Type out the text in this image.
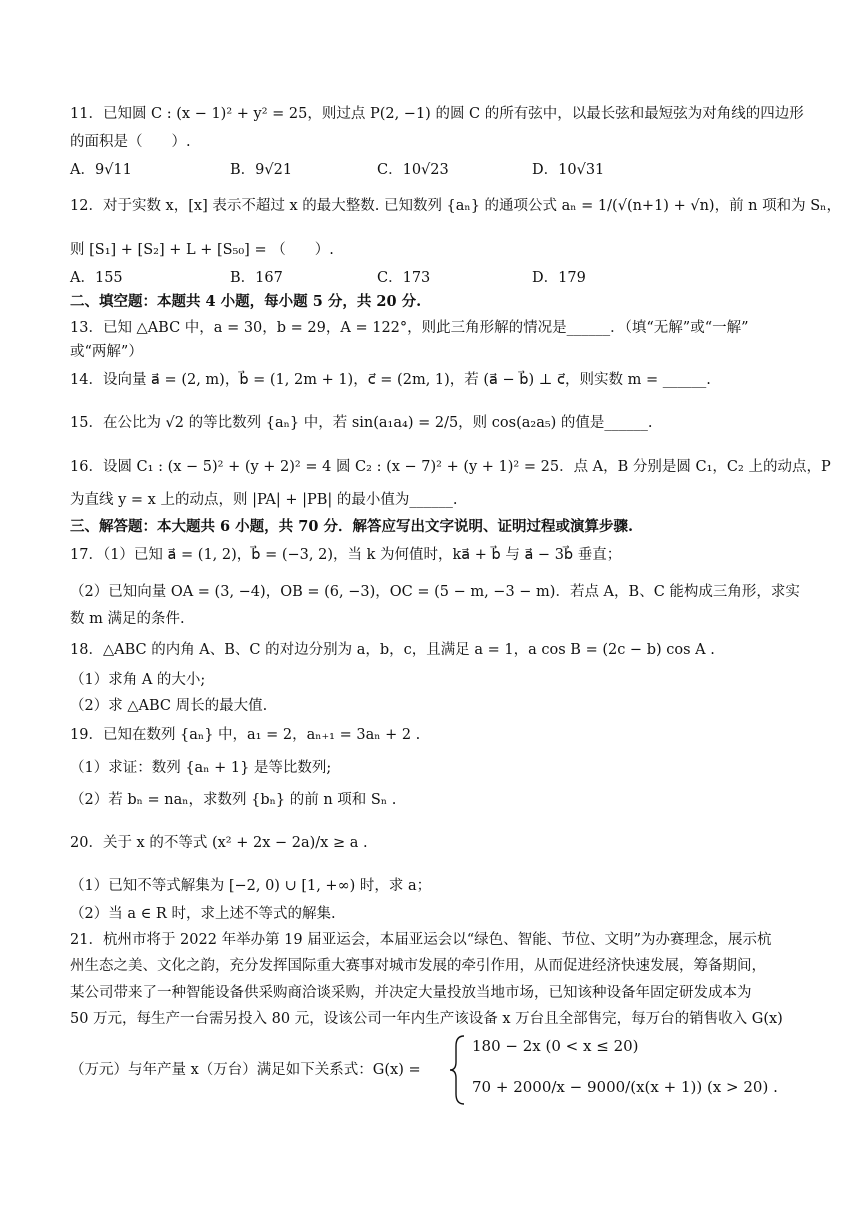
11．已知圆 C : (x − 1)² + y² = 25，则过点 P(2, −1) 的圆 C 的所有弦中，以最长弦和最短弦为对角线的四边形
的面积是（　　）.
A．9√11	B．9√21	C．10√23	D．10√31
12．对于实数 x，[x] 表示不超过 x 的最大整数. 已知数列 {aₙ} 的通项公式 aₙ = 1/(√(n+1) + √n)，前 n 项和为 Sₙ，
则 [S₁] + [S₂] + L + [S₅₀] = （　　）.
A．155	B．167	C．173	D．179
二、填空题：本题共 4 小题，每小题 5 分，共 20 分.
13．已知 △ABC 中，a = 30，b = 29，A = 122°，则此三角形解的情况是______．（填“无解”或“一解”
或“两解”）
14．设向量 a⃗ = (2, m)，b⃗ = (1, 2m + 1)，c⃗ = (2m, 1)，若 (a⃗ − b⃗) ⊥ c⃗，则实数 m = ______.
15．在公比为 √2 的等比数列 {aₙ} 中，若 sin(a₁a₄) = 2/5，则 cos(a₂a₅) 的值是______.
16．设圆 C₁ : (x − 5)² + (y + 2)² = 4 圆 C₂ : (x − 7)² + (y + 1)² = 25．点 A，B 分别是圆 C₁，C₂ 上的动点，P
为直线 y = x 上的动点，则 |PA| + |PB| 的最小值为______.
三、解答题：本大题共 6 小题，共 70 分．解答应写出文字说明、证明过程或演算步骤.
17．（1）已知 a⃗ = (1, 2)，b⃗ = (−3, 2)，当 k 为何值时，ka⃗ + b⃗ 与 a⃗ − 3b⃗ 垂直；
（2）已知向量 OA = (3, −4)，OB = (6, −3)，OC = (5 − m, −3 − m)．若点 A，B、C 能构成三角形，求实
数 m 满足的条件.
18．△ABC 的内角 A、B、C 的对边分别为 a，b，c，且满足 a = 1，a cos B = (2c − b) cos A .
（1）求角 A 的大小;
（2）求 △ABC 周长的最大值.
19．已知在数列 {aₙ} 中，a₁ = 2，aₙ₊₁ = 3aₙ + 2 .
（1）求证：数列 {aₙ + 1} 是等比数列;
（2）若 bₙ = naₙ，求数列 {bₙ} 的前 n 项和 Sₙ .
20．关于 x 的不等式 (x² + 2x − 2a)/x ≥ a .
（1）已知不等式解集为 [−2, 0) ∪ [1, +∞) 时，求 a；
（2）当 a ∈ R 时，求上述不等式的解集.
21．杭州市将于 2022 年举办第 19 届亚运会，本届亚运会以“绿色、智能、节位、文明”为办赛理念，展示杭
州生态之美、文化之韵，充分发挥国际重大赛事对城市发展的牵引作用，从而促进经济快速发展，筹备期间，
某公司带来了一种智能设备供采购商洽谈采购，并决定大量投放当地市场，已知该种设备年固定研发成本为
50 万元，每生产一台需另投入 80 元，设该公司一年内生产该设备 x 万台且全部售完，每万台的销售收入 G(x)
（万元）与年产量 x（万台）满足如下关系式：G(x) =
180 − 2x (0 < x ≤ 20)
70 + 2000/x − 9000/(x(x + 1)) (x > 20) .
